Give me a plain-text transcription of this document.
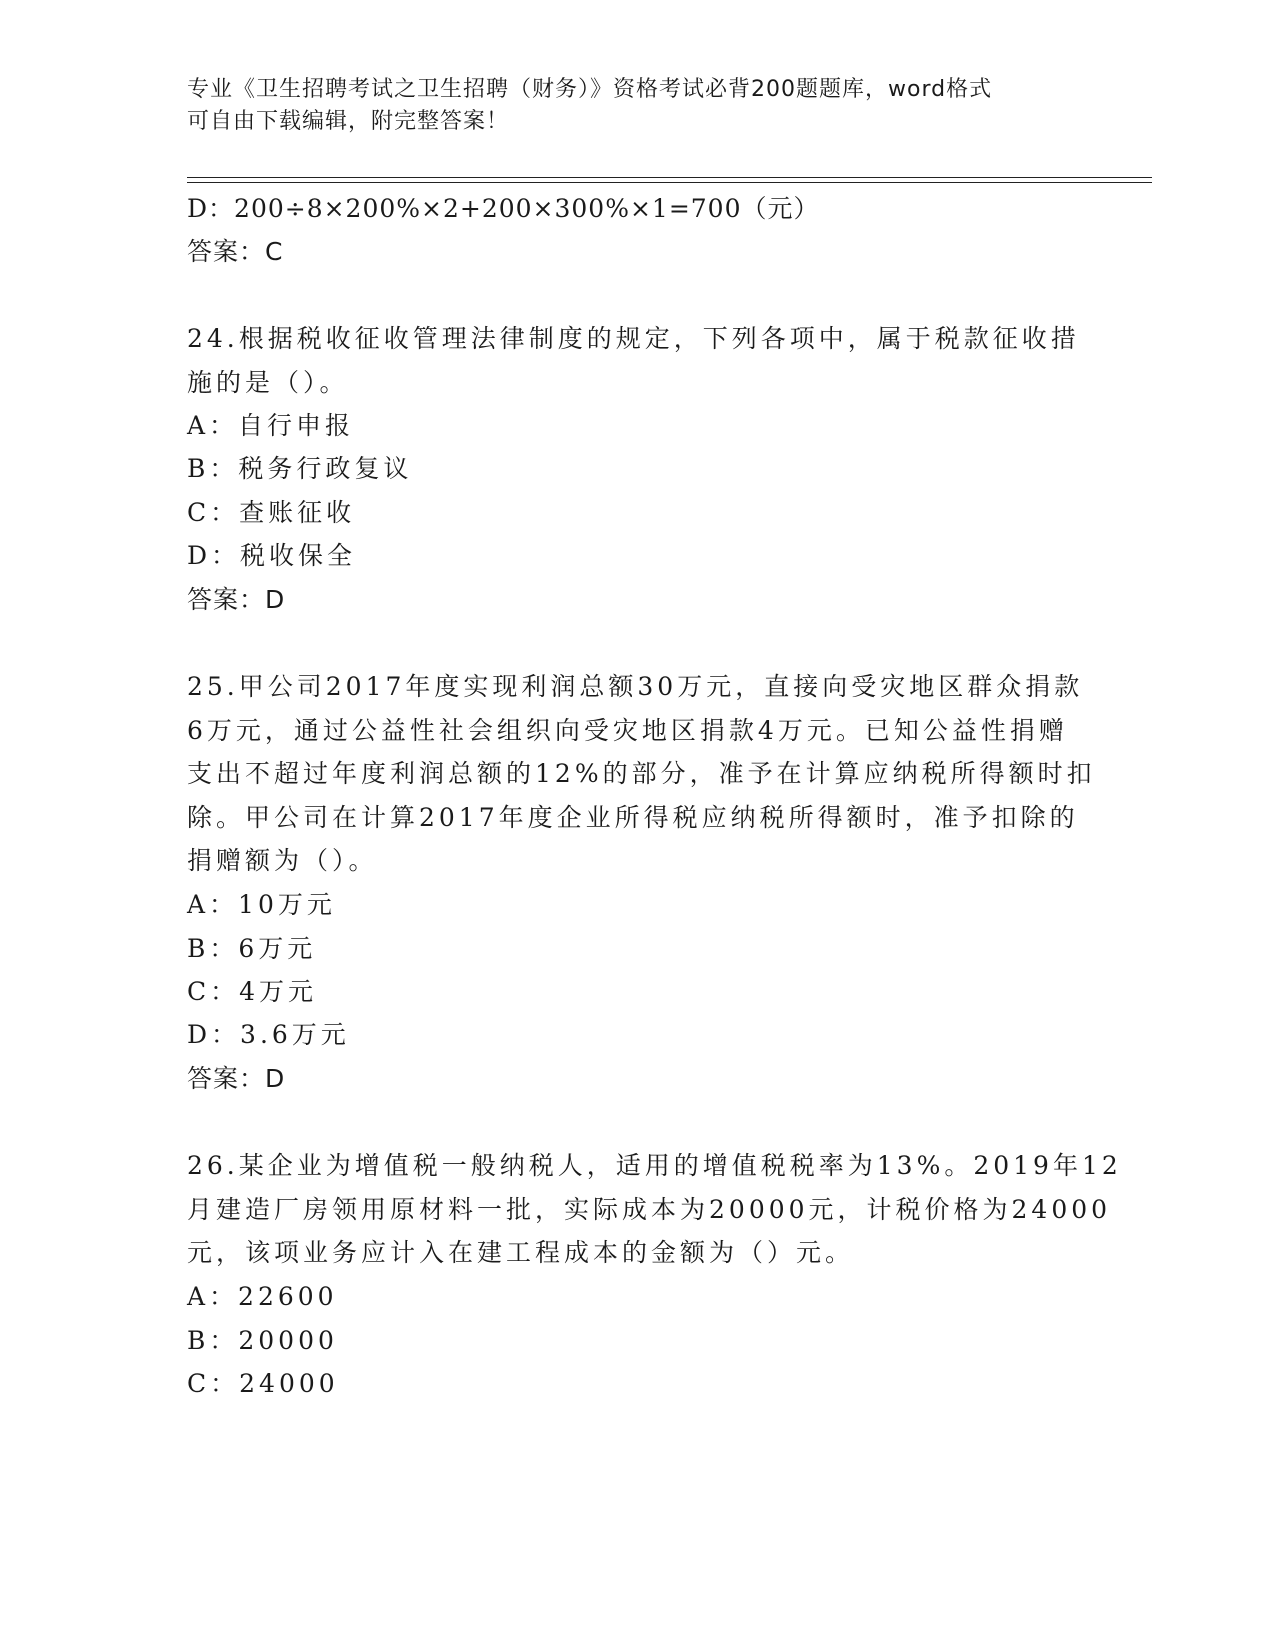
专业《卫生招聘考试之卫生招聘（财务）》资格考试必背200题题库，word格式
可自由下载编辑，附完整答案！
D：200÷8×200%×2+200×300%×1=700（元）
答案：C
24.根据税收征收管理法律制度的规定，下列各项中，属于税款征收措
施的是（）。
A：自行申报
B：税务行政复议
C：查账征收
D：税收保全
答案：D
25.甲公司2017年度实现利润总额30万元，直接向受灾地区群众捐款
6万元，通过公益性社会组织向受灾地区捐款4万元。已知公益性捐赠
支出不超过年度利润总额的12%的部分，准予在计算应纳税所得额时扣
除。甲公司在计算2017年度企业所得税应纳税所得额时，准予扣除的
捐赠额为（）。
A：10万元
B：6万元
C：4万元
D：3.6万元
答案：D
26.某企业为增值税一般纳税人，适用的增值税税率为13%。2019年12
月建造厂房领用原材料一批，实际成本为20000元，计税价格为24000
元，该项业务应计入在建工程成本的金额为（）元。
A：22600
B：20000
C：24000
